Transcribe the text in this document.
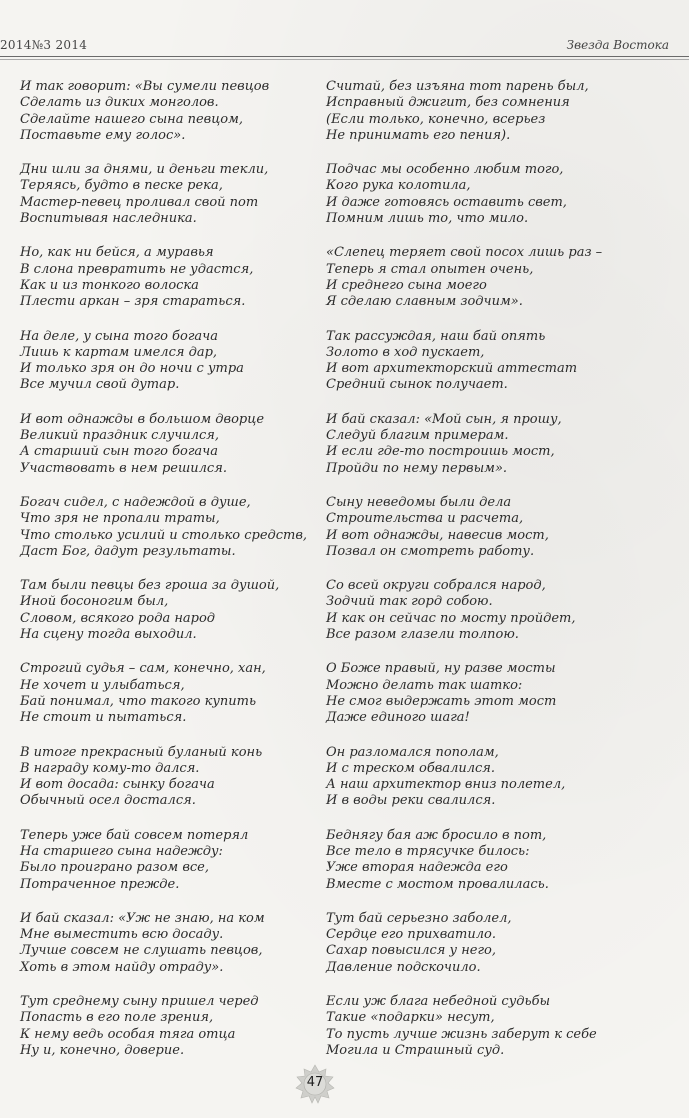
2014№3 2014	Звезда Востока
И так говорит: «Вы сумели певцов
Сделать из диких монголов.
Сделайте нашего сына певцом,
Поставьте ему голос».
Дни шли за днями, и деньги текли,
Теряясь, будто в песке река,
Мастер-певец проливал свой пот
Воспитывая наследника.
Но, как ни бейся, а муравья
В слона превратить не удастся,
Как и из тонкого волоска
Плести аркан – зря стараться.
На деле, у сына того богача
Лишь к картам имелся дар,
И только зря он до ночи с утра
Все мучил свой дутар.
И вот однажды в большом дворце
Великий праздник случился,
А старший сын того богача
Участвовать в нем решился.
Богач сидел, с надеждой в душе,
Что зря не пропали траты,
Что столько усилий и столько средств,
Даст Бог, дадут результаты.
Там были певцы без гроша за душой,
Иной босоногим был,
Словом, всякого рода народ
На сцену тогда выходил.
Строгий судья – сам, конечно, хан,
Не хочет и улыбаться,
Бай понимал, что такого купить
Не стоит и пытаться.
В итоге прекрасный буланый конь
В награду кому-то дался.
И вот досада: сынку богача
Обычный осел достался.
Теперь уже бай совсем потерял
На старшего сына надежду:
Было проиграно разом все,
Потраченное прежде.
И бай сказал: «Уж не знаю, на ком
Мне выместить всю досаду.
Лучше совсем не слушать певцов,
Хоть в этом найду отраду».
Тут среднему сыну пришел черед
Попасть в его поле зрения,
К нему ведь особая тяга отца
Ну и, конечно, доверие.
Считай, без изъяна тот парень был,
Исправный джигит, без сомнения
(Если только, конечно, всерьез
Не принимать его пения).
Подчас мы особенно любим того,
Кого рука колотила,
И даже готовясь оставить свет,
Помним лишь то, что мило.
«Слепец теряет свой посох лишь раз –
Теперь я стал опытен очень,
И среднего сына моего
Я сделаю славным зодчим».
Так рассуждая, наш бай опять
Золото в ход пускает,
И вот архитекторский аттестат
Средний сынок получает.
И бай сказал: «Мой сын, я прошу,
Следуй благим примерам.
И если где-то построишь мост,
Пройди по нему первым».
Сыну неведомы были дела
Строительства и расчета,
И вот однажды, навесив мост,
Позвал он смотреть работу.
Со всей округи собрался народ,
Зодчий так горд собою.
И как он сейчас по мосту пройдет,
Все разом глазели толпою.
О Боже правый, ну разве мосты
Можно делать так шатко:
Не смог выдержать этот мост
Даже единого шага!
Он разломался пополам,
И с треском обвалился.
А наш архитектор вниз полетел,
И в воды реки свалился.
Беднягу бая аж бросило в пот,
Все тело в трясучке билось:
Уже вторая надежда его
Вместе с мостом провалилась.
Тут бай серьезно заболел,
Сердце его прихватило.
Сахар повысился у него,
Давление подскочило.
Если уж блага небедной судьбы
Такие «подарки» несут,
То пусть лучше жизнь заберут к себе
Могила и Страшный суд.
47
